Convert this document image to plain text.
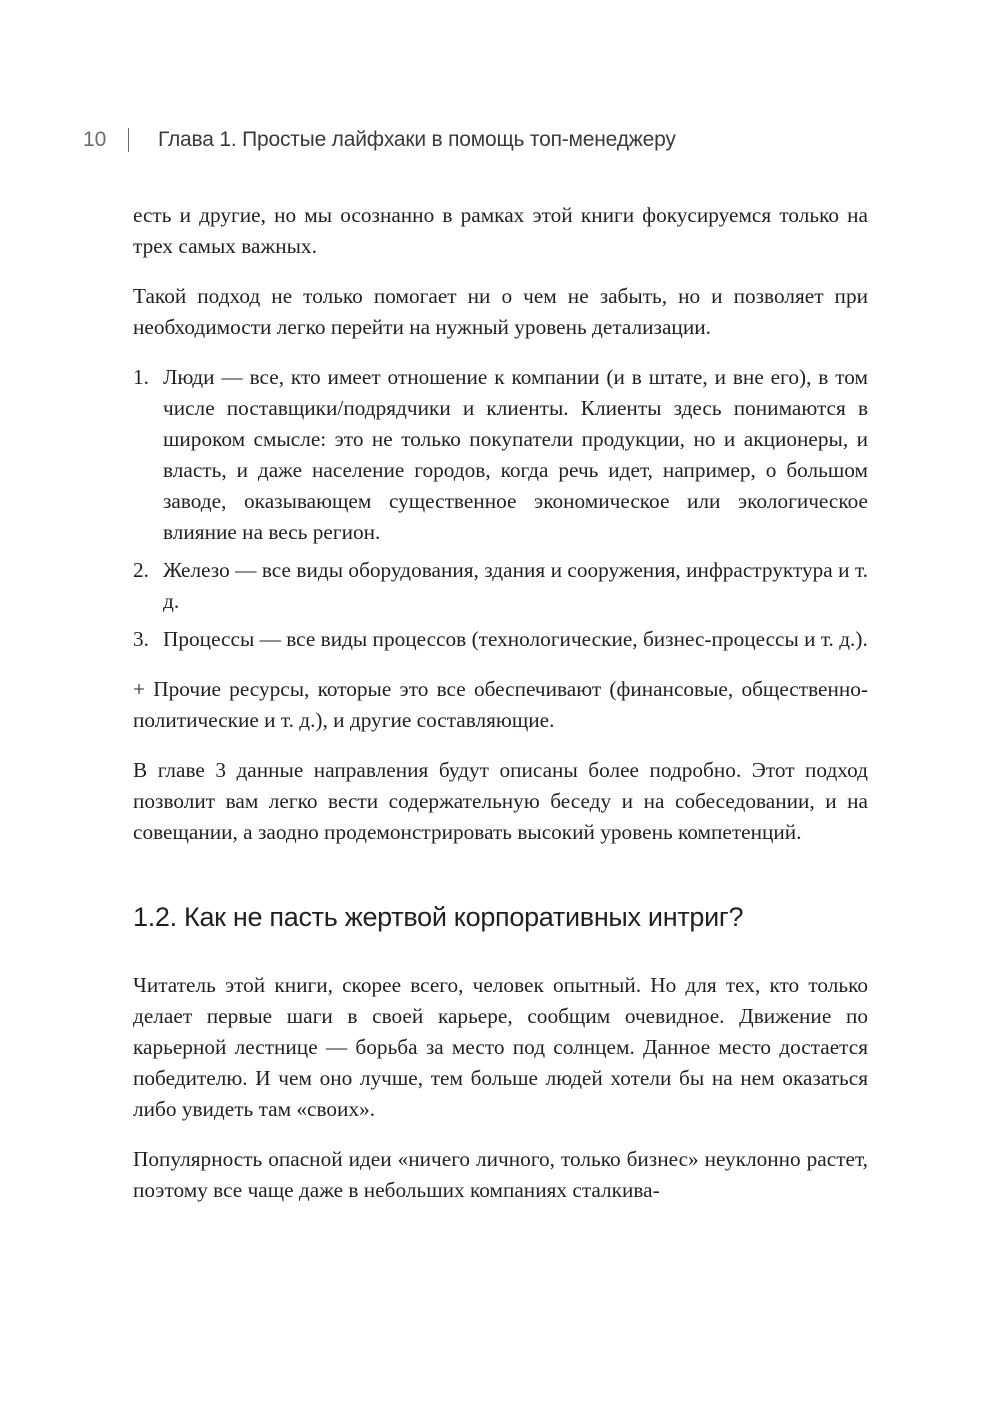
10	Глава 1. Простые лайфхаки в помощь топ-менеджеру

есть и другие, но мы осознанно в рамках этой книги фокусируемся только на трех самых важных.

Такой подход не только помогает ни о чем не забыть, но и позволяет при необходимости легко перейти на нужный уровень детализации.

1. Люди — все, кто имеет отношение к компании (и в штате, и вне его), в том числе поставщики/подрядчики и клиенты. Клиенты здесь понимаются в широком смысле: это не только покупатели продукции, но и акционеры, и власть, и даже население городов, когда речь идет, например, о большом заводе, оказывающем существенное экономическое или экологическое влияние на весь регион.
2. Железо — все виды оборудования, здания и сооружения, инфраструктура и т. д.
3. Процессы — все виды процессов (технологические, бизнес-процессы и т. д.).

+ Прочие ресурсы, которые это все обеспечивают (финансовые, общественно-политические и т. д.), и другие составляющие.

В главе 3 данные направления будут описаны более подробно. Этот подход позволит вам легко вести содержательную беседу и на собеседовании, и на совещании, а заодно продемонстрировать высокий уровень компетенций.

1.2. Как не пасть жертвой корпоративных интриг?

Читатель этой книги, скорее всего, человек опытный. Но для тех, кто только делает первые шаги в своей карьере, сообщим очевидное. Движение по карьерной лестнице — борьба за место под солнцем. Данное место достается победителю. И чем оно лучше, тем больше людей хотели бы на нем оказаться либо увидеть там «своих».

Популярность опасной идеи «ничего личного, только бизнес» неуклонно растет, поэтому все чаще даже в небольших компаниях сталкива-
